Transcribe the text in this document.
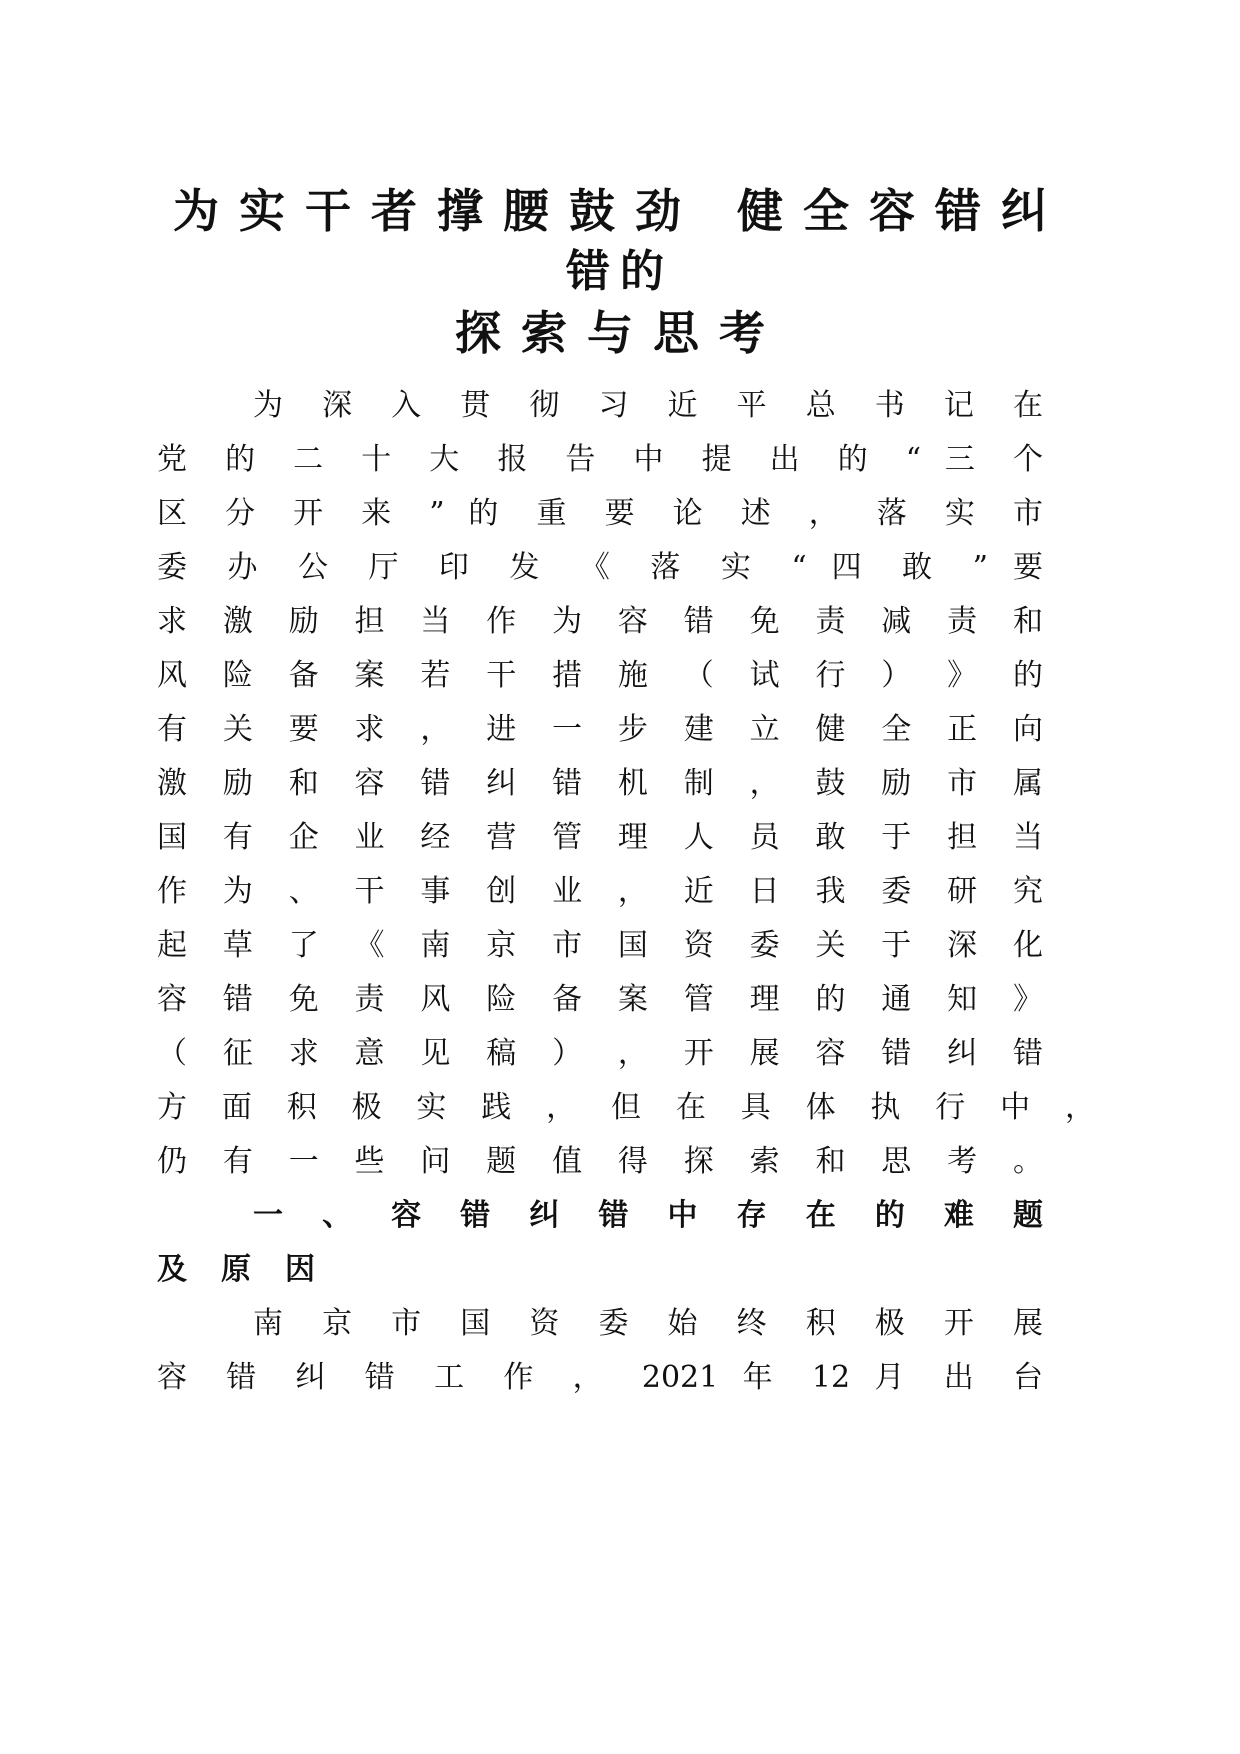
为实干者撑腰鼓劲 健全容错纠
错的
探索与思考

为 深 入 贯 彻 习 近 平 总 书 记 在

党 的 二 十 大 报 告 中 提 出 的 “ 三 个

区 分 开 来 ” 的 重 要 论 述 ， 落 实 市

委 办 公 厅 印 发 《 落 实 “ 四 敢 ” 要

求 激 励 担 当 作 为 容 错 免 责 减 责 和

风 险 备 案 若 干 措 施 （ 试 行 ） 》 的

有 关 要 求 ， 进 一 步 建 立 健 全 正 向

激 励 和 容 错 纠 错 机 制 ， 鼓 励 市 属

国 有 企 业 经 营 管 理 人 员 敢 于 担 当

作 为 、 干 事 创 业 ， 近 日 我 委 研 究

起 草 了 《 南 京 市 国 资 委 关 于 深 化

容 错 免 责 风 险 备 案 管 理 的 通 知 》

（ 征 求 意 见 稿 ） ， 开 展 容 错 纠 错

方 面 积 极 实 践 ， 但 在 具 体 执 行 中 ，

仍 有 一 些 问 题 值 得 探 索 和 思 考 。

一 、 容 错 纠 错 中 存 在 的 难 题

及原因

南 京 市 国 资 委 始 终 积 极 开 展

容 错 纠 错 工 作 ， 2021 年 12 月 出 台
